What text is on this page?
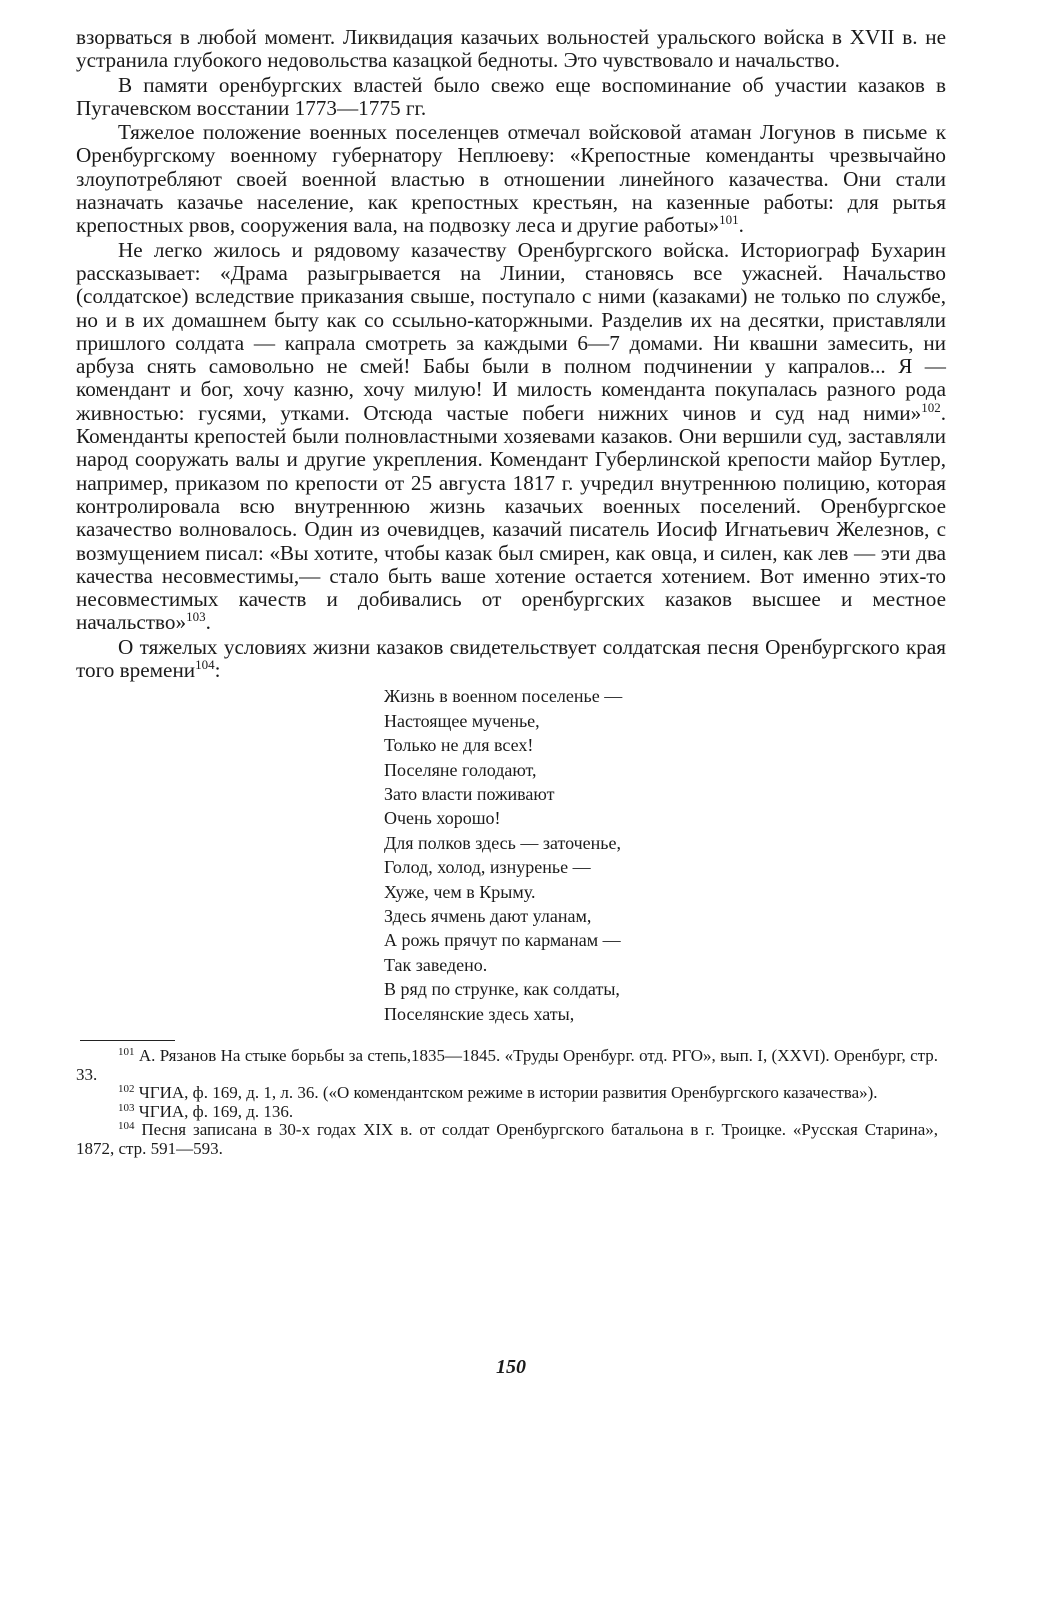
взорваться в любой момент. Ликвидация казачьих вольностей уральского войска в XVII в. не устранила глубокого недовольства казацкой бедноты. Это чувствовало и начальство.

В памяти оренбургских властей было свежо еще воспоминание об участии казаков в Пугачевском восстании 1773—1775 гг.

Тяжелое положение военных поселенцев отмечал войсковой атаман Логунов в письме к Оренбургскому военному губернатору Неплюеву: «Крепостные коменданты чрезвычайно злоупотребляют своей военной властью в отношении линейного казачества. Они стали назначать казачье население, как крепостных крестьян, на казенные работы: для рытья крепостных рвов, сооружения вала, на подвозку леса и другие работы»$^{101}$.

Не легко жилось и рядовому казачеству Оренбургского войска. Историограф Бухарин рассказывает: «Драма разыгрывается на Линии, становясь все ужасней. Начальство (солдатское) вследствие приказания свыше, поступало с ними (казаками) не только по службе, но и в их домашнем быту как со ссыльно-каторжными. Разделив их на десятки, приставляли пришлого солдата — капрала смотреть за каждыми 6—7 домами. Ни квашни замесить, ни арбуза снять самовольно не смей! Бабы были в полном подчинении у капралов... Я — комендант и бог, хочу казню, хочу милую! И милость коменданта покупалась разного рода живностью: гусями, утками. Отсюда частые побеги нижних чинов и суд над ними»$^{102}$. Коменданты крепостей были полновластными хозяевами казаков. Они вершили суд, заставляли народ сооружать валы и другие укрепления. Комендант Губерлинской крепости майор Бутлер, например, приказом по крепости от 25 августа 1817 г. учредил внутреннюю полицию, которая контролировала всю внутреннюю жизнь казачьих военных поселений. Оренбургское казачество волновалось. Один из очевидцев, казачий писатель Иосиф Игнатьевич Железнов, с возмущением писал: «Вы хотите, чтобы казак был смирен, как овца, и силен, как лев — эти два качества несовместимы,— стало быть ваше хотение остается хотением. Вот именно этих-то несовместимых качеств и добивались от оренбургских казаков высшее и местное начальство»$^{103}$.

О тяжелых условиях жизни казаков свидетельствует солдатская песня Оренбургского края того времени$^{104}$:

Жизнь в военном поселенье —
Настоящее мученье,
Только не для всех!
Поселяне голодают,
Зато власти поживают
Очень хорошо!
Для полков здесь — заточенье,
Голод, холод, изнуренье —
Хуже, чем в Крыму.
Здесь ячмень дают уланам,
А рожь прячут по карманам —
Так заведено.
В ряд по струнке, как солдаты,
Поселянские здесь хаты,

$^{101}$ А. Рязанов На стыке борьбы за степь,1835—1845. «Труды Оренбург. отд. РГО», вып. I, (XXVI). Оренбург, стр. 33.

$^{102}$ ЧГИА, ф. 169, д. 1, л. 36. («О комендантском режиме в истории развития Оренбургского казачества»).

$^{103}$ ЧГИА, ф. 169, д. 136.

$^{104}$ Песня записана в 30-х годах XIX в. от солдат Оренбургского батальона в г. Троицке. «Русская Старина», 1872, стр. 591—593.

150
